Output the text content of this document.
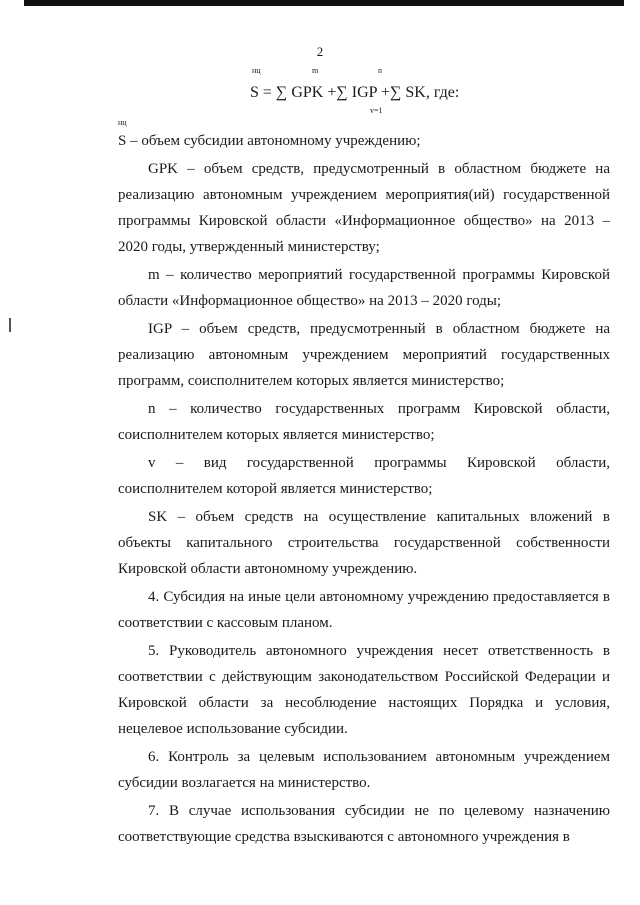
2
нц	m	n
S = ∑ GPK +∑ IGP +∑ SK, где:
v=1

нц

S – объем субсидии автономному учреждению;

GPK – объем средств, предусмотренный в областном бюджете на реализацию автономным учреждением мероприятия(ий) государственной программы Кировской области «Информационное общество» на 2013 – 2020 годы, утвержденный министерству;

m – количество мероприятий государственной программы Кировской области «Информационное общество» на 2013 – 2020 годы;

IGP – объем средств, предусмотренный в областном бюджете на реализацию автономным учреждением мероприятий государственных программ, соисполнителем которых является министерство;

n – количество государственных программ Кировской области, соисполнителем которых является министерство;

v – вид государственной программы Кировской области, соисполнителем которой является министерство;

SK – объем средств на осуществление капитальных вложений в объекты капитального строительства государственной собственности Кировской области автономному учреждению.

4. Субсидия на иные цели автономному учреждению предоставляется в соответствии с кассовым планом.

5. Руководитель автономного учреждения несет ответственность в соответствии с действующим законодательством Российской Федерации и Кировской области за несоблюдение настоящих Порядка и условия, нецелевое использование субсидии.

6. Контроль за целевым использованием автономным учреждением субсидии возлагается на министерство.

7. В случае использования субсидии не по целевому назначению соответствующие средства взыскиваются с автономного учреждения в
